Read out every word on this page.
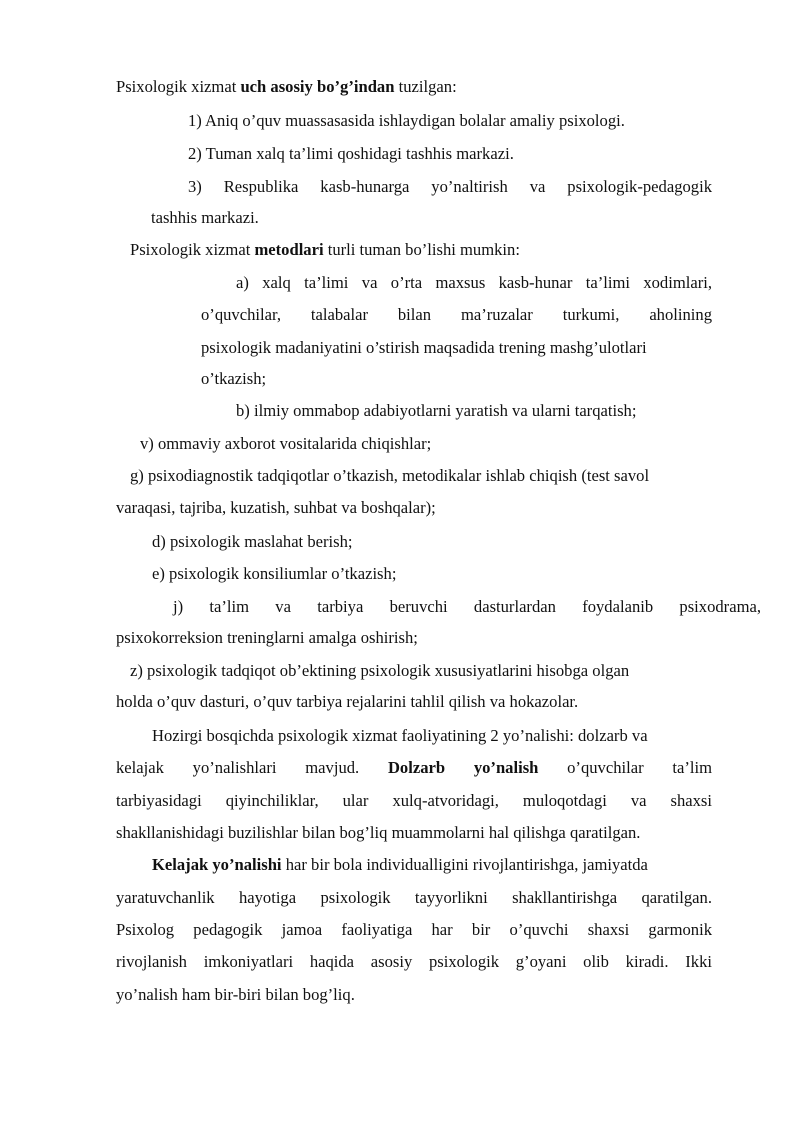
Psixologik xizmat uch asosiy bo’g’indan tuzilgan:
1) Aniq o’quv muassasasida ishlaydigan bolalar amaliy psixologi.
2) Tuman xalq ta’limi qoshidagi tashhis markazi.
3) Respublika kasb-hunarga yo’naltirish va psixologik-pedagogik
tashhis markazi.
Psixologik xizmat metodlari turli tuman bo’lishi mumkin:
a) xalq ta’limi va o’rta maxsus kasb-hunar ta’limi xodimlari,
o’quvchilar, talabalar bilan ma’ruzalar turkumi, aholining
psixologik madaniyatini o’stirish maqsadida trening mashg’ulotlari
o’tkazish;
b) ilmiy ommabop adabiyotlarni yaratish va ularni tarqatish;
v) ommaviy axborot vositalarida chiqishlar;
g) psixodiagnostik tadqiqotlar o’tkazish, metodikalar ishlab chiqish (test savol
varaqasi, tajriba, kuzatish, suhbat va boshqalar);
d) psixologik maslahat berish;
e) psixologik konsiliumlar o’tkazish;
j) ta’lim va tarbiya beruvchi dasturlardan foydalanib psixodrama,
psixokorreksion treninglarni amalga oshirish;
z) psixologik tadqiqot ob’ektining psixologik xususiyatlarini hisobga olgan
holda o’quv dasturi, o’quv tarbiya rejalarini tahlil qilish va hokazolar.
Hozirgi bosqichda psixologik xizmat faoliyatining 2 yo’nalishi: dolzarb va
kelajak yo’nalishlari mavjud. Dolzarb yo’nalish o’quvchilar ta’lim
tarbiyasidagi qiyinchiliklar, ular xulq-atvoridagi, muloqotdagi va shaxsi
shakllanishidagi buzilishlar bilan bog’liq muammolarni hal qilishga qaratilgan.
Kelajak yo’nalishi har bir bola individualligini rivojlantirishga, jamiyatda
yaratuvchanlik hayotiga psixologik tayyorlikni shakllantirishga qaratilgan.
Psixolog pedagogik jamoa faoliyatiga har bir o’quvchi shaxsi garmonik
rivojlanish imkoniyatlari haqida asosiy psixologik g’oyani olib kiradi. Ikki
yo’nalish ham bir-biri bilan bog’liq.
